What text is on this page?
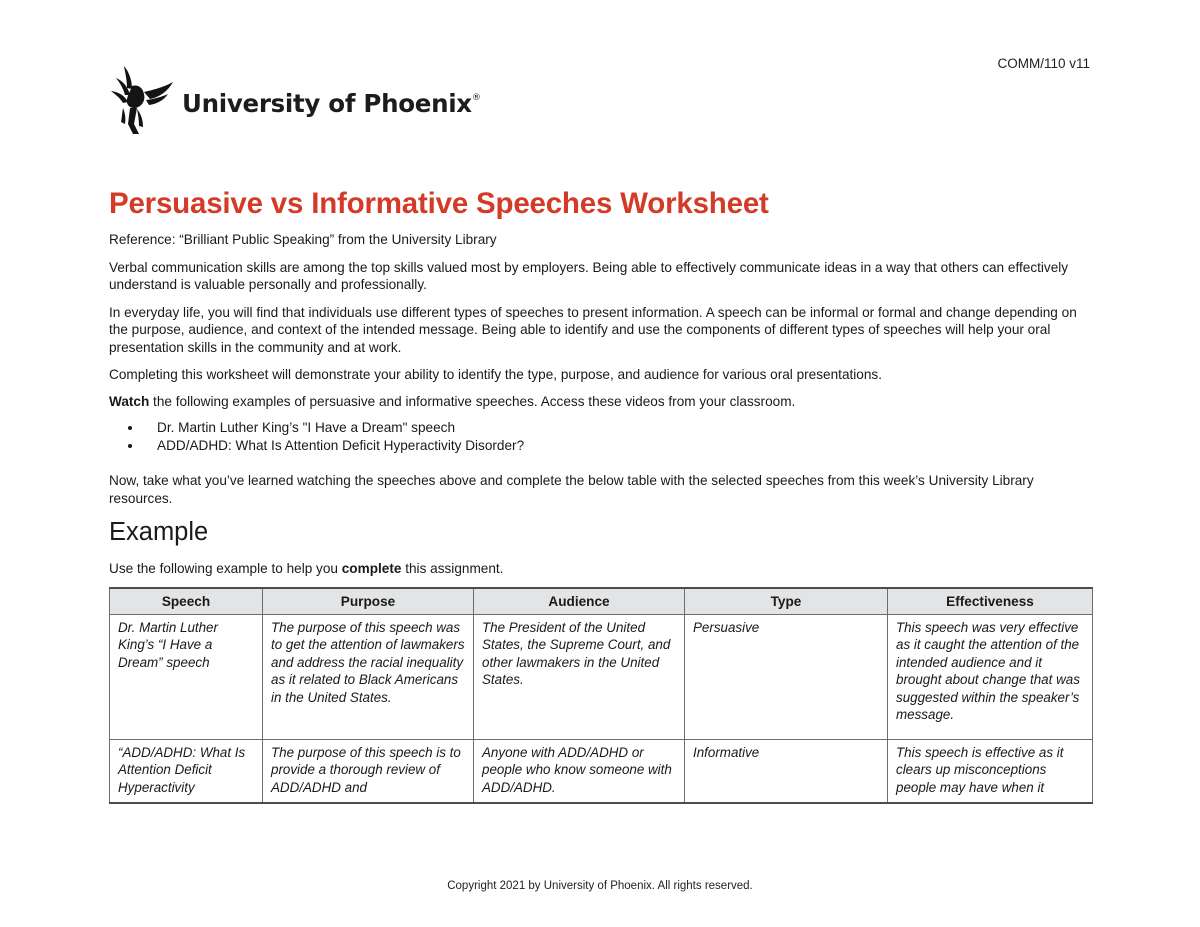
COMM/110 v11
University of Phoenix®
Persuasive vs Informative Speeches Worksheet

Reference: “Brilliant Public Speaking” from the University Library

Verbal communication skills are among the top skills valued most by employers. Being able to effectively communicate ideas in a way that others can effectively understand is valuable personally and professionally.

In everyday life, you will find that individuals use different types of speeches to present information. A speech can be informal or formal and change depending on the purpose, audience, and context of the intended message. Being able to identify and use the components of different types of speeches will help your oral presentation skills in the community and at work.

Completing this worksheet will demonstrate your ability to identify the type, purpose, and audience for various oral presentations.

Watch the following examples of persuasive and informative speeches. Access these videos from your classroom.

• Dr. Martin Luther King’s "I Have a Dream" speech
• ADD/ADHD: What Is Attention Deficit Hyperactivity Disorder?

Now, take what you’ve learned watching the speeches above and complete the below table with the selected speeches from this week’s University Library resources.

Example

Use the following example to help you complete this assignment.

Speech	Purpose	Audience	Type	Effectiveness
Dr. Martin Luther King’s “I Have a Dream” speech	The purpose of this speech was to get the attention of lawmakers and address the racial inequality as it related to Black Americans in the United States.	The President of the United States, the Supreme Court, and other lawmakers in the United States.	Persuasive	This speech was very effective as it caught the attention of the intended audience and it brought about change that was suggested within the speaker’s message.
“ADD/ADHD: What Is Attention Deficit Hyperactivity	The purpose of this speech is to provide a thorough review of ADD/ADHD and	Anyone with ADD/ADHD or people who know someone with ADD/ADHD.	Informative	This speech is effective as it clears up misconceptions people may have when it
Copyright 2021 by University of Phoenix. All rights reserved.
